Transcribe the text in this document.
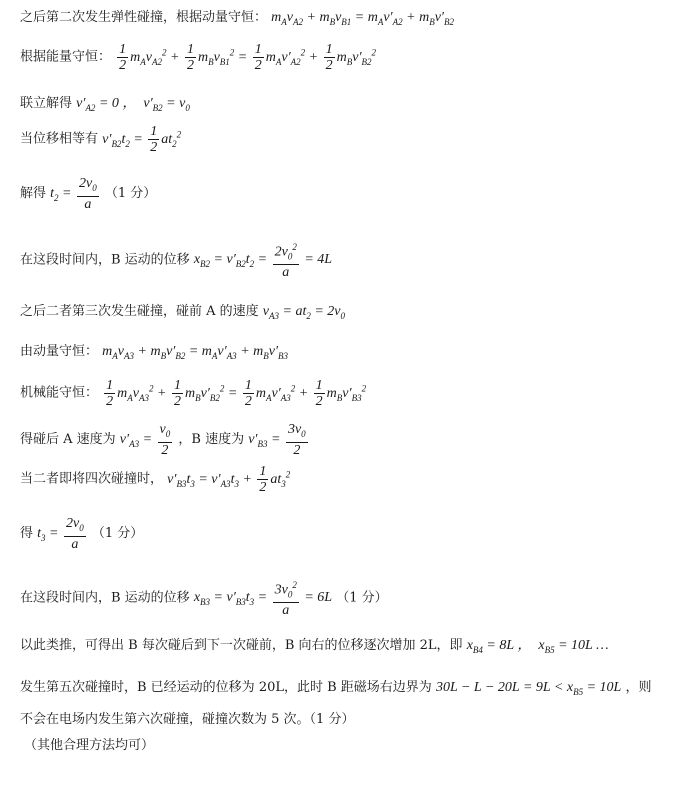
之后第二次发生弹性碰撞，根据动量守恒： $m_Av_{A2} + m_Bv_{B1} = m_Av'_{A2} + m_Bv'_{B2}$
根据能量守恒： $\frac{1}{2} m_Av_{A2}^2 + \frac{1}{2} m_Bv_{B1}^2 = \frac{1}{2} m_Av'_{A2}^2 + \frac{1}{2} m_Bv'_{B2}^2$
联立解得 $v'_{A2} = 0$ ，  $v'_{B2} = v_0$
当位移相等有 $v'_{B2}t_2 = \frac{1}{2} at_2^2$
解得 $t_2 = \frac{2v_0}{a} (1$ 分）
在这段时间内，B 运动的位移 $x_{B2} = v'_{B2}t_2 = \frac{2v_0^2}{a} = 4L$
之后二者第三次发生碰撞，碰前 A 的速度 $v_{A3} = at_2 = 2v_0$
由动量守恒： $m_Av_{A3} + m_Bv'_{B2} = m_Av'_{A3} + m_Bv'_{B3}$
机械能守恒： $\frac{1}{2} m_Av_{A3}^2 + \frac{1}{2} m_Bv'_{B2}^2 = \frac{1}{2} m_Av'_{A3}^2 + \frac{1}{2} m_Bv'_{B3}^2$
得碰后 A 速度为 $v'_{A3} = \frac{v_0}{2}$ ，B 速度为 $v'_{B3} = \frac{3v_0}{2}$
当二者即将四次碰撞时， $v'_{B3}t_3 = v'_{A3}t_3 + \frac{1}{2} at_3^2$
得 $t_3 = \frac{2v_0}{a} (1$ 分）
在这段时间内，B 运动的位移 $x_{B3} = v'_{B3}t_3 = \frac{3v_0^2}{a} = 6L$ （1 分）
以此类推，可得出 B 每次碰后到下一次碰前，B 向右的位移逐次增加 2L，即 $x_{B4} = 8L$ ，  $x_{B5} = 10L$ …
发生第五次碰撞时，B 已经运动的位移为 20L，此时 B 距磁场右边界为 $30L - L - 20L = 9L < x_{B5} = 10L$ ，则
不会在电场内发生第六次碰撞，碰撞次数为 5 次。（1 分）
（其他合理方法均可）
